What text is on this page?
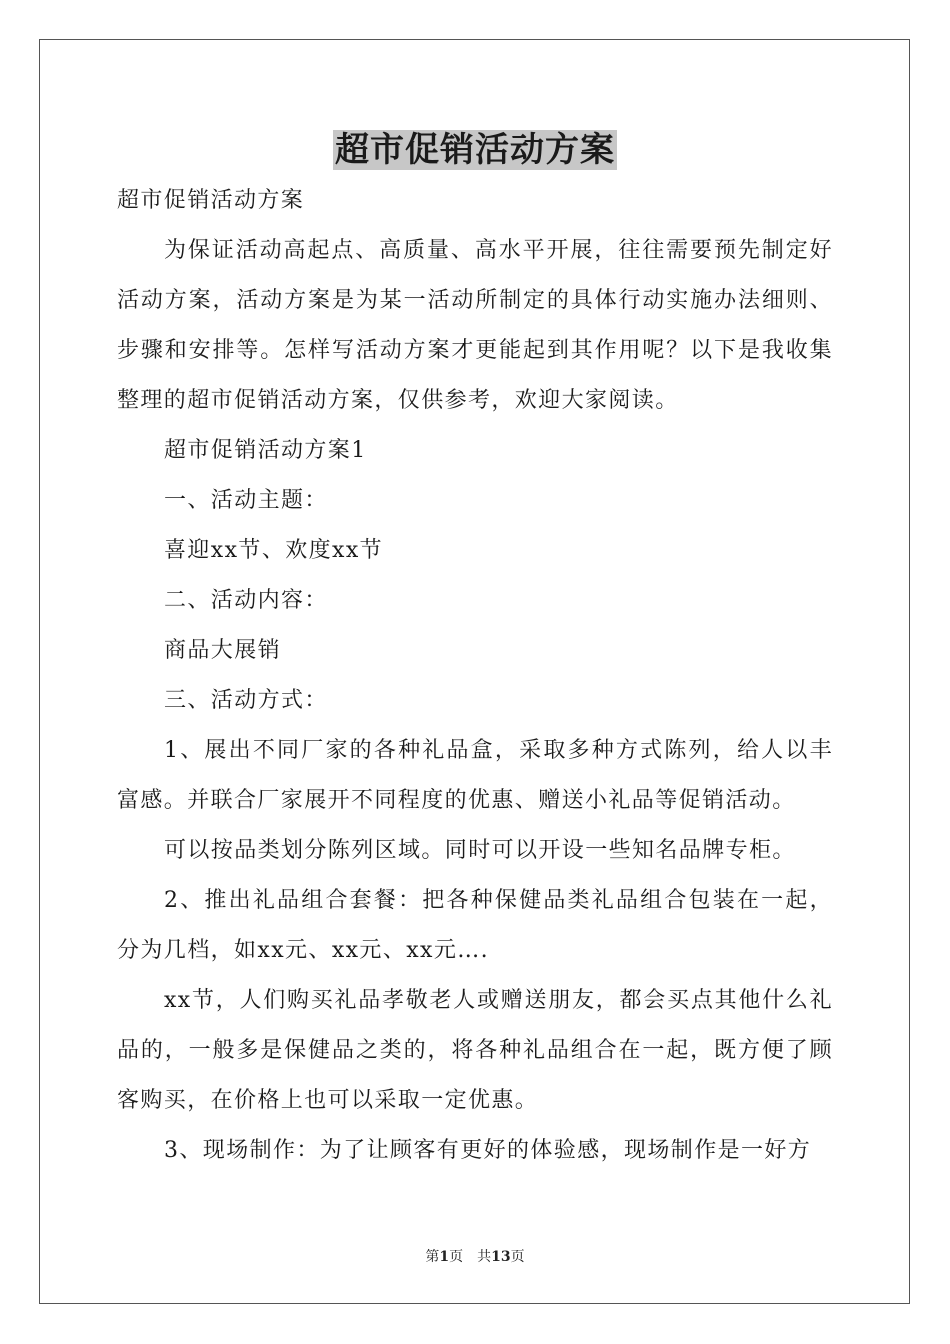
超市促销活动方案

超市促销活动方案

为保证活动高起点、高质量、高水平开展，往往需要预先制定好活动方案，活动方案是为某一活动所制定的具体行动实施办法细则、步骤和安排等。怎样写活动方案才更能起到其作用呢？以下是我收集整理的超市促销活动方案，仅供参考，欢迎大家阅读。

超市促销活动方案1

一、活动主题：

喜迎xx节、欢度xx节

二、活动内容：

商品大展销

三、活动方式：

1、展出不同厂家的各种礼品盒，采取多种方式陈列，给人以丰富感。并联合厂家展开不同程度的优惠、赠送小礼品等促销活动。

可以按品类划分陈列区域。同时可以开设一些知名品牌专柜。

2、推出礼品组合套餐：把各种保健品类礼品组合包装在一起，分为几档，如xx元、xx元、xx元….

xx节，人们购买礼品孝敬老人或赠送朋友，都会买点其他什么礼品的，一般多是保健品之类的，将各种礼品组合在一起，既方便了顾客购买，在价格上也可以采取一定优惠。

3、现场制作：为了让顾客有更好的体验感，现场制作是一好方

第1页　共13页
